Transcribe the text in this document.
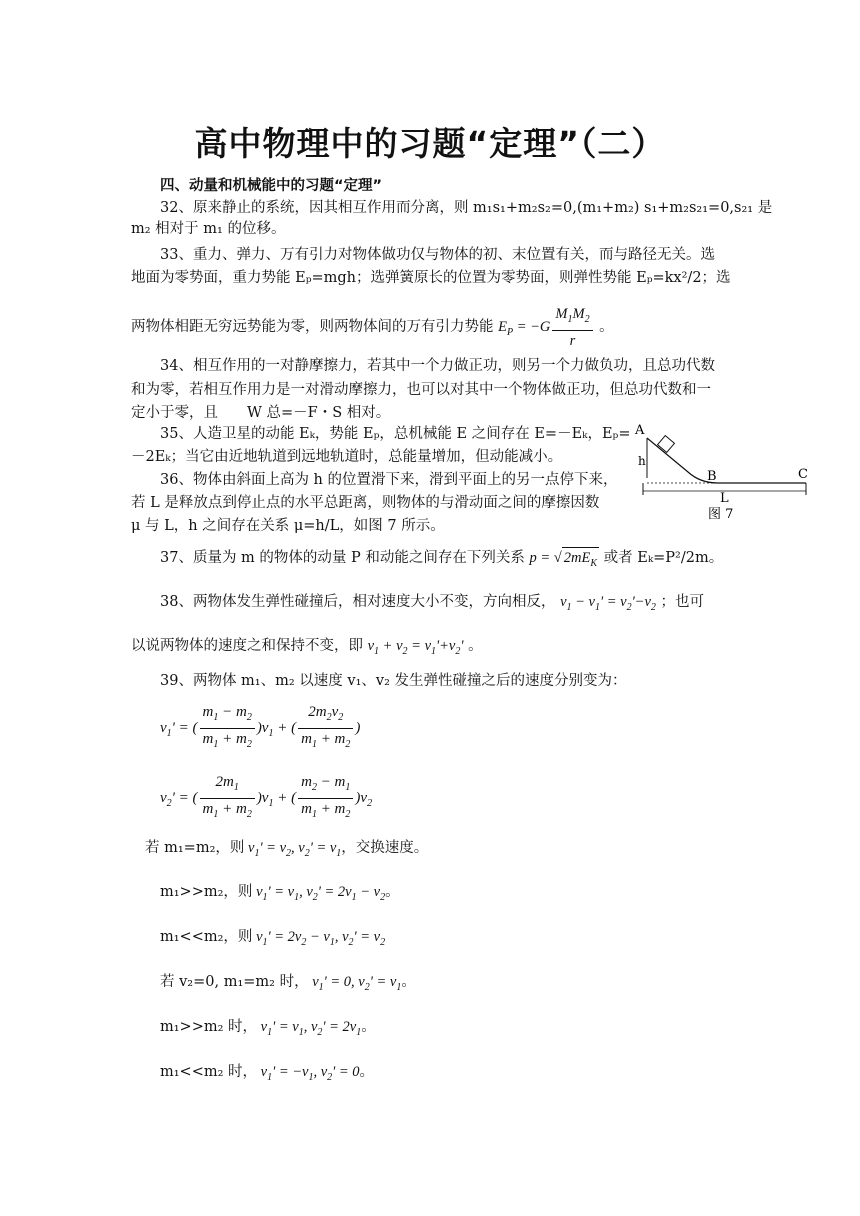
高中物理中的习题“定理”（二）
四、动量和机械能中的习题“定理”
32、原来静止的系统，因其相互作用而分离，则 m₁s₁+m₂s₂=0,(m₁+m₂) s₁+m₂s₂₁=0,s₂₁ 是
m₂ 相对于 m₁ 的位移。
33、重力、弹力、万有引力对物体做功仅与物体的初、末位置有关，而与路径无关。选
地面为零势面，重力势能 Eₚ=mgh；选弹簧原长的位置为零势面，则弹性势能 Eₚ=kx²/2；选
两物体相距无穷远势能为零，则两物体间的万有引力势能 $E_P = -G \frac{M_1M_2}{r}$ 。
34、相互作用的一对静摩擦力，若其中一个力做正功，则另一个力做负功，且总功代数
和为零，若相互作用力是一对滑动摩擦力，也可以对其中一个物体做正功，但总功代数和一
定小于零，且　　W 总=－F・S 相对。
35、人造卫星的动能 Eₖ，势能 Eₚ，总机械能 E 之间存在 E=－Eₖ，Eₚ=
－2Eₖ；当它由近地轨道到远地轨道时，总能量增加，但动能减小。
36、物体由斜面上高为 h 的位置滑下来，滑到平面上的另一点停下来，
若 L 是释放点到停止点的水平总距离，则物体的与滑动面之间的摩擦因数
μ 与 L，h 之间存在关系 μ=h/L，如图 7 所示。
A
h
B	C
L
图 7
37、质量为 m 的物体的动量 P 和动能之间存在下列关系 p = √ $2mE_K$ 或者 Eₖ=P²/2m。
38、两物体发生弹性碰撞后，相对速度大小不变，方向相反， $v_1 - v_1' = v_2'-v_2$ ；也可
以说两物体的速度之和保持不变，即 $v_1 + v_2 = v_1'+v_2'$ 。
39、两物体 m₁、m₂ 以速度 v₁、v₂ 发生弹性碰撞之后的速度分别变为：
$v_1'$ = ( $\frac{m_1 - m_2}{m_1 + m_2} )v_1$ + ( $\frac{2m_2v_2}{m_1 + m_2}$ )
$v_2'$ = ( $\frac{2m_1}{m_1 + m_2} )v_1$ + ( $\frac{m_2 - m_1}{m_1 + m_2} )v_2$
若 m₁=m₂，则 $v_1' = v_2$, $v_2' = v_1$，交换速度。
m₁>>m₂，则 $v_1' = v_1$, $v_2' = 2v_1 - v_2$。
m₁<<m₂，则 $v_1' = 2v_2 - v_1$, $v_2' = v_2$
若 v₂=0, m₁=m₂ 时， $v_1' = 0$, $v_2' = v_1$。
m₁>>m₂ 时， $v_1' = v_1$, $v_2' = 2v_1$。
m₁<<m₂ 时， $v_1' = -v_1$, $v_2' = 0$。
